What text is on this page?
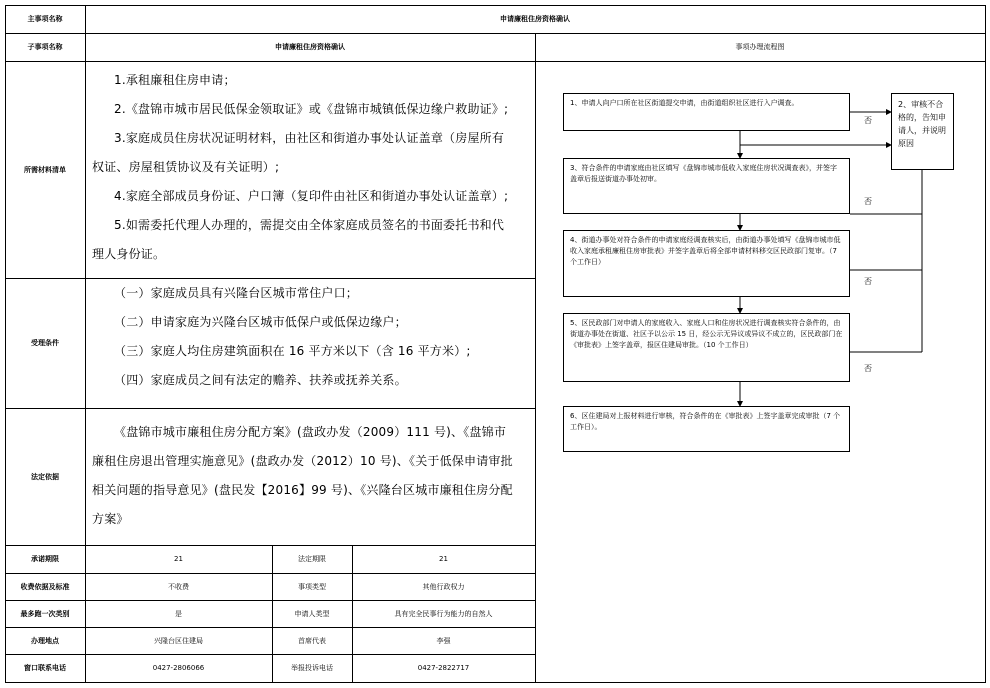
主事项名称	申请廉租住房资格确认
子事项名称	申请廉租住房资格确认	事项办理流程图
所需材料清单

1.承租廉租住房申请；

2.《盘锦市城市居民低保金领取证》或《盘锦市城镇低保边缘户救助证》;

3.家庭成员住房状况证明材料，由社区和街道办事处认证盖章（房屋所有

权证、房屋租赁协议及有关证明）;

4.家庭全部成员身份证、户口簿（复印件由社区和街道办事处认证盖章）;

5.如需委托代理人办理的，需提交由全体家庭成员签名的书面委托书和代

理人身份证。

受理条件

（一）家庭成员具有兴隆台区城市常住户口；

（二）申请家庭为兴隆台区城市低保户或低保边缘户；

（三）家庭人均住房建筑面积在 16 平方米以下（含 16 平方米）;

（四）家庭成员之间有法定的赡养、扶养或抚养关系。

法定依据

《盘锦市城市廉租住房分配方案》(盘政办发（2009）111 号)、《盘锦市

廉租住房退出管理实施意见》(盘政办发（2012）10 号)、《关于低保申请审批

相关问题的指导意见》(盘民发【2016】99 号)、《兴隆台区城市廉租住房分配

方案》

承诺期限	21	法定期限	21
收费依据及标准	不收费	事项类型	其他行政权力
最多跑一次类别	是	申请人类型	具有完全民事行为能力的自然人
办理地点	兴隆台区住建局	首席代表	李强
窗口联系电话	0427-2806066	举报投诉电话	0427-2822717
1、申请人向户口所在社区街道提交申请，由街道组织社区进行入户调查。	2、审核不合格的，告知申请人，并说明原因
3、符合条件的申请家庭由社区填写《盘锦市城市低收入家庭住房状况调查表》，并签字盖章后报送街道办事处初审。
4、街道办事处对符合条件的申请家庭经调查核实后，由街道办事处填写《盘锦市城市低收入家庭承租廉租住房审批表》并签字盖章后将全部申请材料移交区民政部门复审。（7 个工作日）
5、区民政部门对申请人的家庭收入、家庭人口和住房状况进行调查核实符合条件的，由街道办事处在街道、社区予以公示 15 日，经公示无异议或异议不成立的，区民政部门在《审批表》上签字盖章，报区住建局审批。（10 个工作日）
6、区住建局对上报材料进行审核，符合条件的在《审批表》上签字盖章完成审批（7 个工作日）。
否
否
否
否
